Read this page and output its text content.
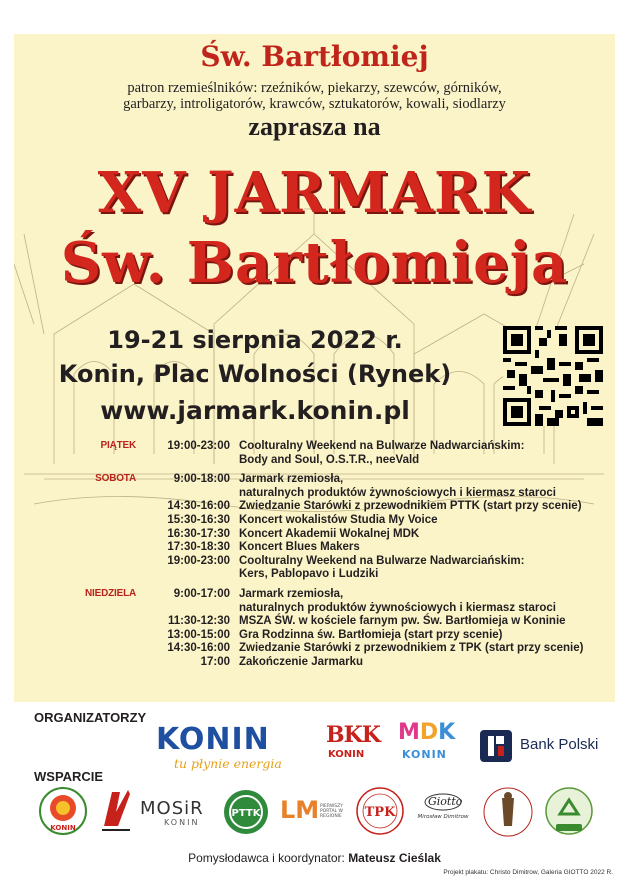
Św. Bartłomiej
patron rzemieślników: rzeźników, piekarzy, szewców, górników,
garbarzy, introligatorów, krawców, sztukatorów, kowali, siodlarzy
zaprasza na
XV JARMARK
Św. Bartłomieja
19-21 sierpnia 2022 r.
Konin, Plac Wolności (Rynek)
www.jarmark.konin.pl
PIĄTEK	19:00-23:00 Coolturalny Weekend na Bulwarze Nadwarciańskim:
Body and Soul, O.S.T.R., neeVald
SOBOTA	9:00-18:00 Jarmark rzemiosła,
naturalnych produktów żywnościowych i kiermasz staroci
14:30-16:00 Zwiedzanie Starówki z przewodnikiem PTTK (start przy scenie)
15:30-16:30 Koncert wokalistów Studia My Voice
16:30-17:30 Koncert Akademii Wokalnej MDK
17:30-18:30 Koncert Blues Makers
19:00-23:00 Coolturalny Weekend na Bulwarze Nadwarciańskim:
Kers, Pablopavo i Ludziki
NIEDZIELA	9:00-17:00 Jarmark rzemiosła,
naturalnych produktów żywnościowych i kiermasz staroci
11:30-12:30 MSZA ŚW. w kościele farnym pw. Św. Bartłomieja w Koninie
13:00-15:00 Gra Rodzinna św. Bartłomieja (start przy scenie)
14:30-16:00 Zwiedzanie Starówki z przewodnikiem z TPK (start przy scenie)
17:00 Zakończenie Jarmarku
ORGANIZATORZY
WSPARCIE
KONIN
tu płynie energia
BKK
KONIN
MDK
KONIN
Bank Polski
KONIN
MOSiR
KONIN
PTTK LM PIERWSZY PORTAL W REGIONIE	TPK
Giotto
Mirosław Dimitrow
Pomysłodawca i koordynator: Mateusz Cieślak
Projekt plakatu: Christo Dimitrow, Galeria GIOTTO 2022 R.
